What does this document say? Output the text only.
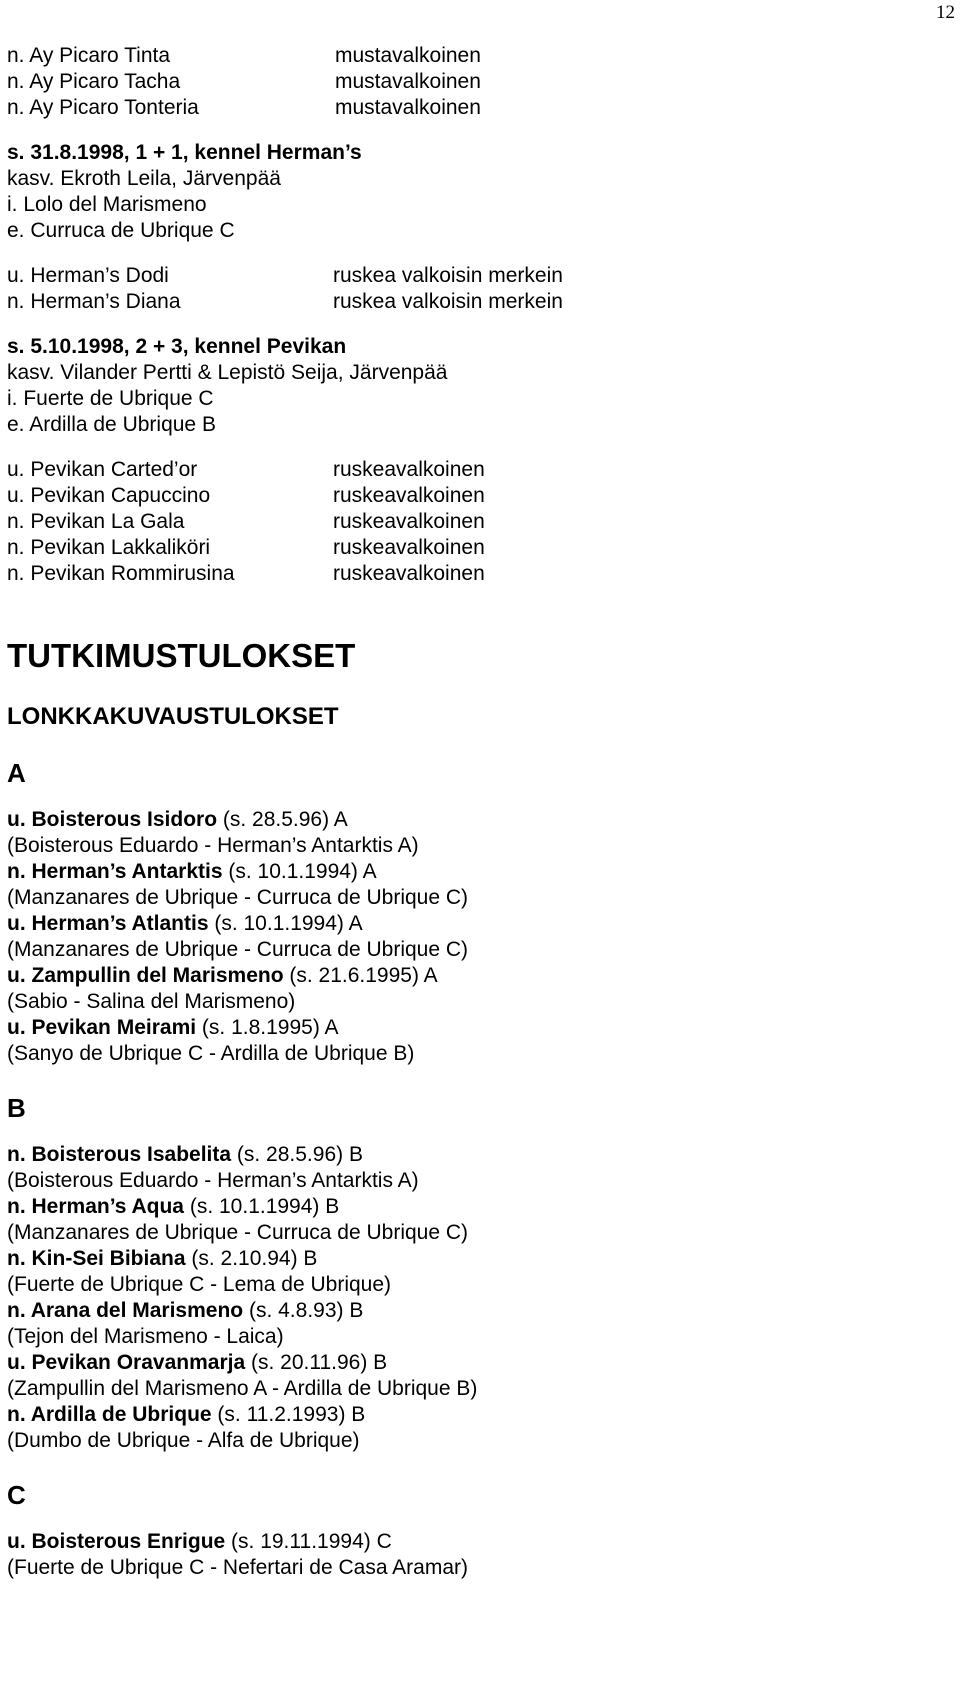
12
n. Ay Picaro Tinta	mustavalkoinen
n. Ay Picaro Tacha	mustavalkoinen
n. Ay Picaro Tonteria	mustavalkoinen
s. 31.8.1998, 1 + 1, kennel Herman’s
kasv. Ekroth Leila, Järvenpää
i. Lolo del Marismeno
e. Curruca de Ubrique C
u. Herman’s Dodi	ruskea valkoisin merkein
n. Herman’s Diana	ruskea valkoisin merkein
s. 5.10.1998, 2 + 3, kennel Pevikan
kasv. Vilander Pertti & Lepistö Seija, Järvenpää
i. Fuerte de Ubrique C
e. Ardilla de Ubrique B
u. Pevikan Carted’or	ruskeavalkoinen
u. Pevikan Capuccino	ruskeavalkoinen
n. Pevikan La Gala	ruskeavalkoinen
n. Pevikan Lakkaliköri	ruskeavalkoinen
n. Pevikan Rommirusina	ruskeavalkoinen
TUTKIMUSTULOKSET
LONKKAKUVAUSTULOKSET
A
u. Boisterous Isidoro (s. 28.5.96) A
(Boisterous Eduardo - Herman’s Antarktis A)
n. Herman’s Antarktis (s. 10.1.1994) A
(Manzanares de Ubrique - Curruca de Ubrique C)
u. Herman’s Atlantis (s. 10.1.1994) A
(Manzanares de Ubrique - Curruca de Ubrique C)
u. Zampullin del Marismeno (s. 21.6.1995) A
(Sabio - Salina del Marismeno)
u. Pevikan Meirami (s. 1.8.1995) A
(Sanyo de Ubrique C - Ardilla de Ubrique B)
B
n. Boisterous Isabelita (s. 28.5.96) B
(Boisterous Eduardo - Herman’s Antarktis A)
n. Herman’s Aqua (s. 10.1.1994) B
(Manzanares de Ubrique - Curruca de Ubrique C)
n. Kin-Sei Bibiana (s. 2.10.94) B
(Fuerte de Ubrique C - Lema de Ubrique)
n. Arana del Marismeno (s. 4.8.93) B
(Tejon del Marismeno - Laica)
u. Pevikan Oravanmarja (s. 20.11.96) B
(Zampullin del Marismeno A - Ardilla de Ubrique B)
n. Ardilla de Ubrique (s. 11.2.1993) B
(Dumbo de Ubrique - Alfa de Ubrique)
C
u. Boisterous Enrigue (s. 19.11.1994) C
(Fuerte de Ubrique C - Nefertari de Casa Aramar)
